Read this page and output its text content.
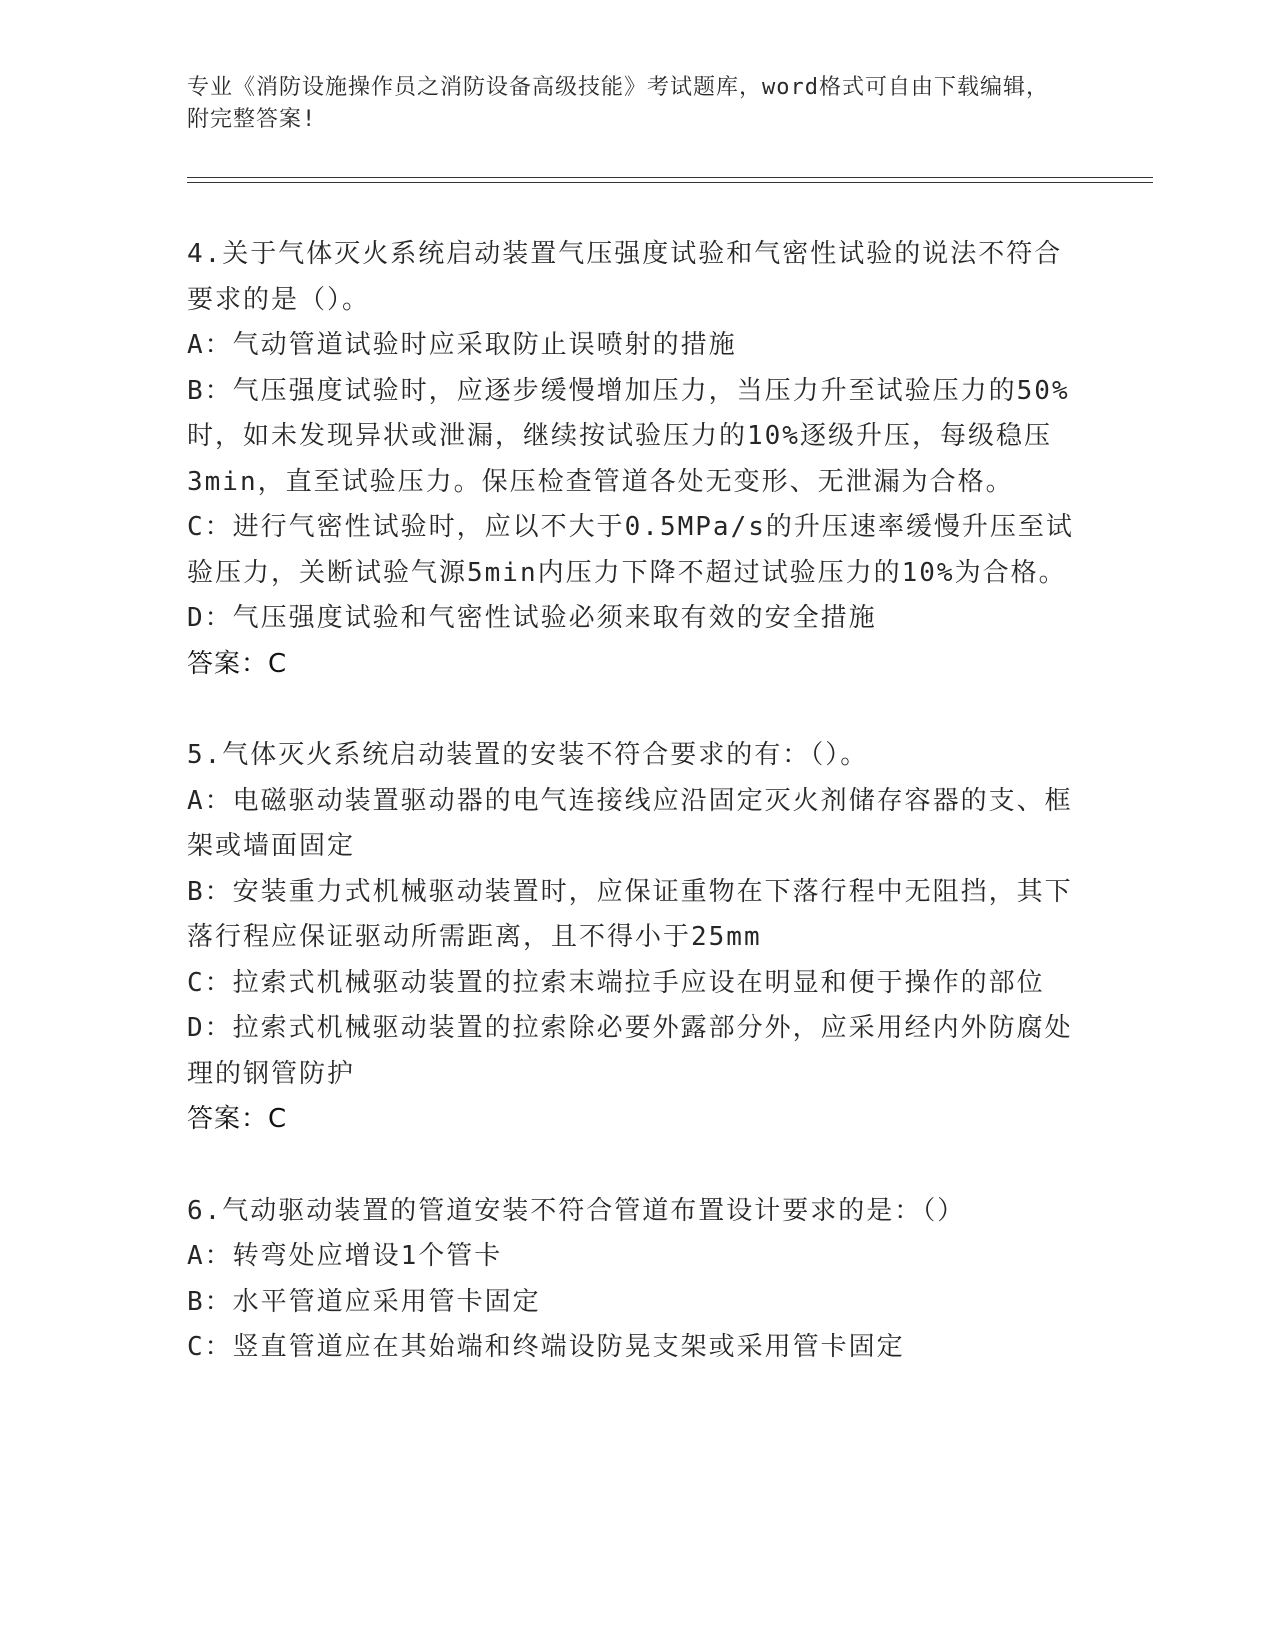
专业《消防设施操作员之消防设备高级技能》考试题库，word格式可自由下载编辑，附完整答案!

4.关于气体灭火系统启动装置气压强度试验和气密性试验的说法不符合要求的是（）。

A：气动管道试验时应采取防止误喷射的措施

B：气压强度试验时，应逐步缓慢增加压力，当压力升至试验压力的50%时，如未发现异状或泄漏，继续按试验压力的10%逐级升压，每级稳压3min，直至试验压力。保压检查管道各处无变形、无泄漏为合格。

C：进行气密性试验时，应以不大于0.5MPa/s的升压速率缓慢升压至试验压力，关断试验气源5min内压力下降不超过试验压力的10%为合格。

D：气压强度试验和气密性试验必须来取有效的安全措施

答案：C

5.气体灭火系统启动装置的安装不符合要求的有：（）。

A：电磁驱动装置驱动器的电气连接线应沿固定灭火剂储存容器的支、框架或墙面固定

B：安装重力式机械驱动装置时，应保证重物在下落行程中无阻挡，其下落行程应保证驱动所需距离，且不得小于25mm

C：拉索式机械驱动装置的拉索末端拉手应设在明显和便于操作的部位

D：拉索式机械驱动装置的拉索除必要外露部分外，应采用经内外防腐处理的钢管防护

答案：C

6.气动驱动装置的管道安装不符合管道布置设计要求的是：（）

A：转弯处应增设1个管卡

B：水平管道应采用管卡固定

C：竖直管道应在其始端和终端设防晃支架或采用管卡固定
